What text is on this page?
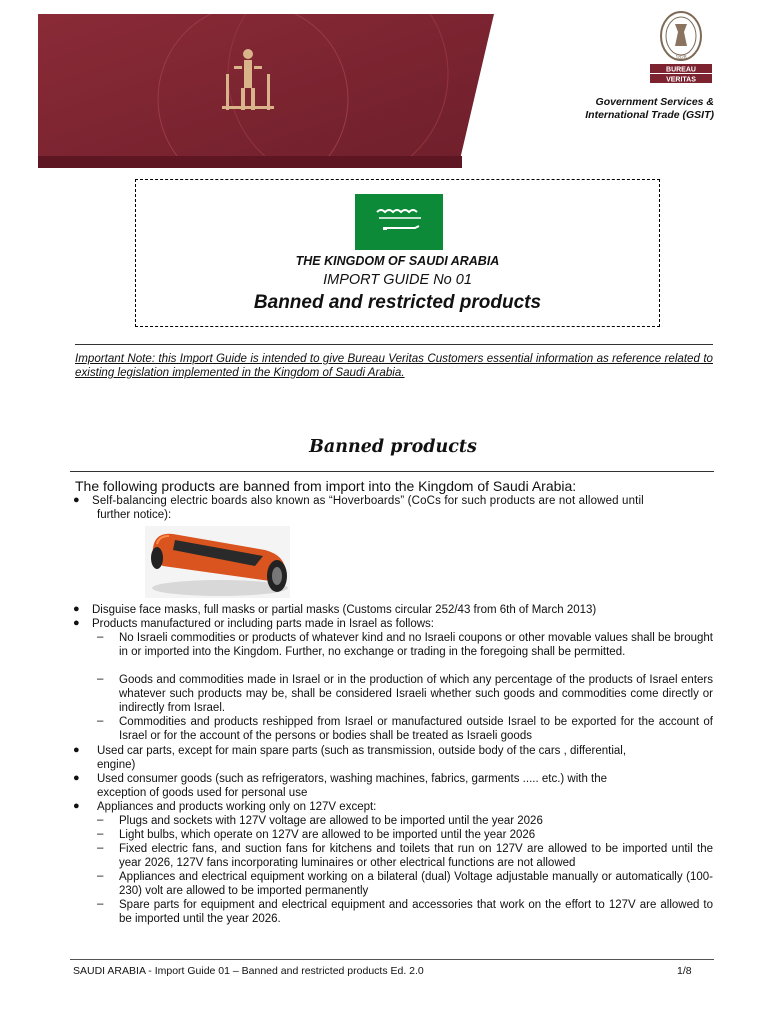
BUREAU
VERITAS
1828
Government Services &
International Trade (GSIT)
THE KINGDOM OF SAUDI ARABIA
IMPORT GUIDE No 01
Banned and restricted products
Important Note: this Import Guide is intended to give Bureau Veritas Customers essential information as reference related to existing legislation implemented in the Kingdom of Saudi Arabia.
Banned products
The following products are banned from import into the Kingdom of Saudi Arabia:
● Self-balancing electric boards also known as “Hoverboards” (CoCs for such products are not allowed until
further notice):
● Disguise face masks, full masks or partial masks (Customs circular 252/43 from 6th of March 2013)
● Products manufactured or including parts made in Israel as follows:
– No Israeli commodities or products of whatever kind and no Israeli coupons or other movable values shall be brought in or imported into the Kingdom. Further, no exchange or trading in the foregoing shall be permitted.
– Goods and commodities made in Israel or in the production of which any percentage of the products of Israel enters whatever such products may be, shall be considered Israeli whether such goods and commodities come directly or indirectly from Israel.
– Commodities and products reshipped from Israel or manufactured outside Israel to be exported for the account of Israel or for the account of the persons or bodies shall be treated as Israeli goods
● Used car parts, except for main spare parts (such as transmission, outside body of the cars , differential,
engine)
● Used consumer goods (such as refrigerators, washing machines, fabrics, garments ..... etc.) with the
exception of goods used for personal use
● Appliances and products working only on 127V except:
– Plugs and sockets with 127V voltage are allowed to be imported until the year 2026
– Light bulbs, which operate on 127V are allowed to be imported until the year 2026
– Fixed electric fans, and suction fans for kitchens and toilets that run on 127V are allowed to be imported until the year 2026, 127V fans incorporating luminaires or other electrical functions are not allowed
– Appliances and electrical equipment working on a bilateral (dual) Voltage adjustable manually or automatically (100-230) volt are allowed to be imported permanently
– Spare parts for equipment and electrical equipment and accessories that work on the effort to 127V are allowed to be imported until the year 2026.
SAUDI ARABIA - Import Guide 01 – Banned and restricted products Ed. 2.0	1/8
